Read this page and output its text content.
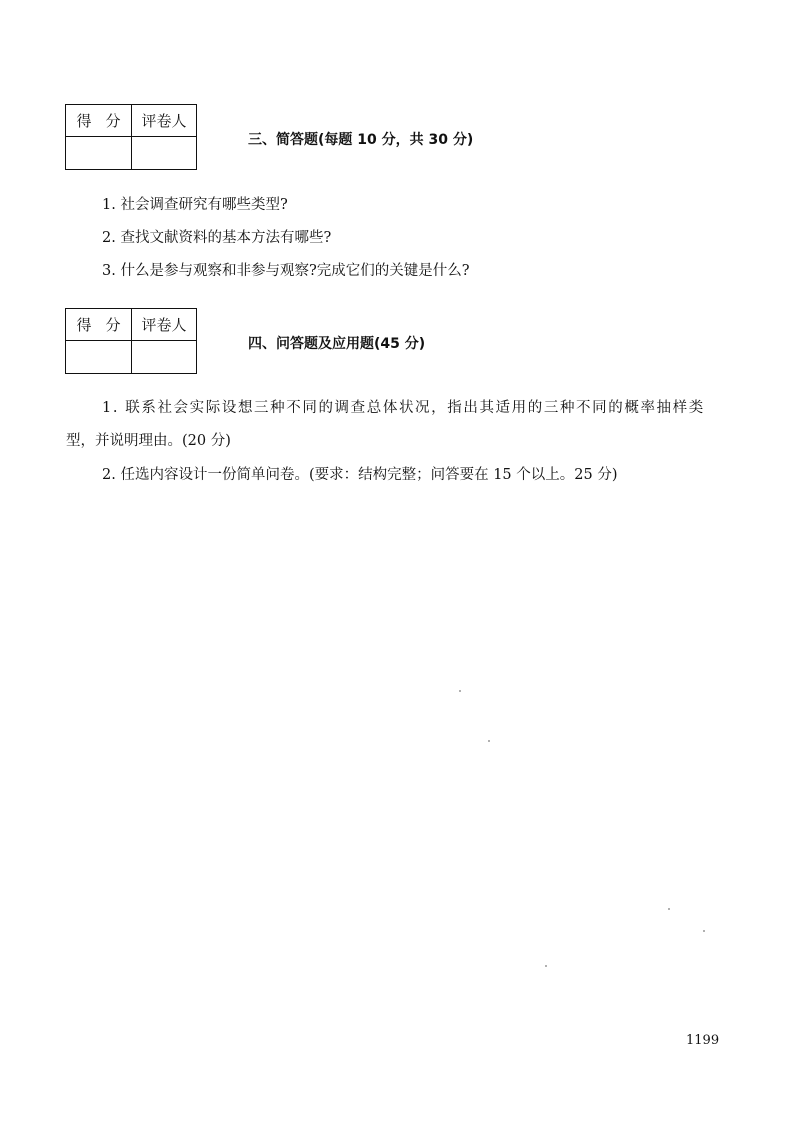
得分 评卷人
三、简答题(每题 10 分，共 30 分)
1. 社会调查研究有哪些类型?
2. 查找文献资料的基本方法有哪些?
3. 什么是参与观察和非参与观察?完成它们的关键是什么?
得分 评卷人
四、问答题及应用题(45 分)
1. 联系社会实际设想三种不同的调查总体状况，指出其适用的三种不同的概率抽样类
型，并说明理由。(20 分)
2. 任选内容设计一份简单问卷。(要求：结构完整；问答要在 15 个以上。25 分)
1199
